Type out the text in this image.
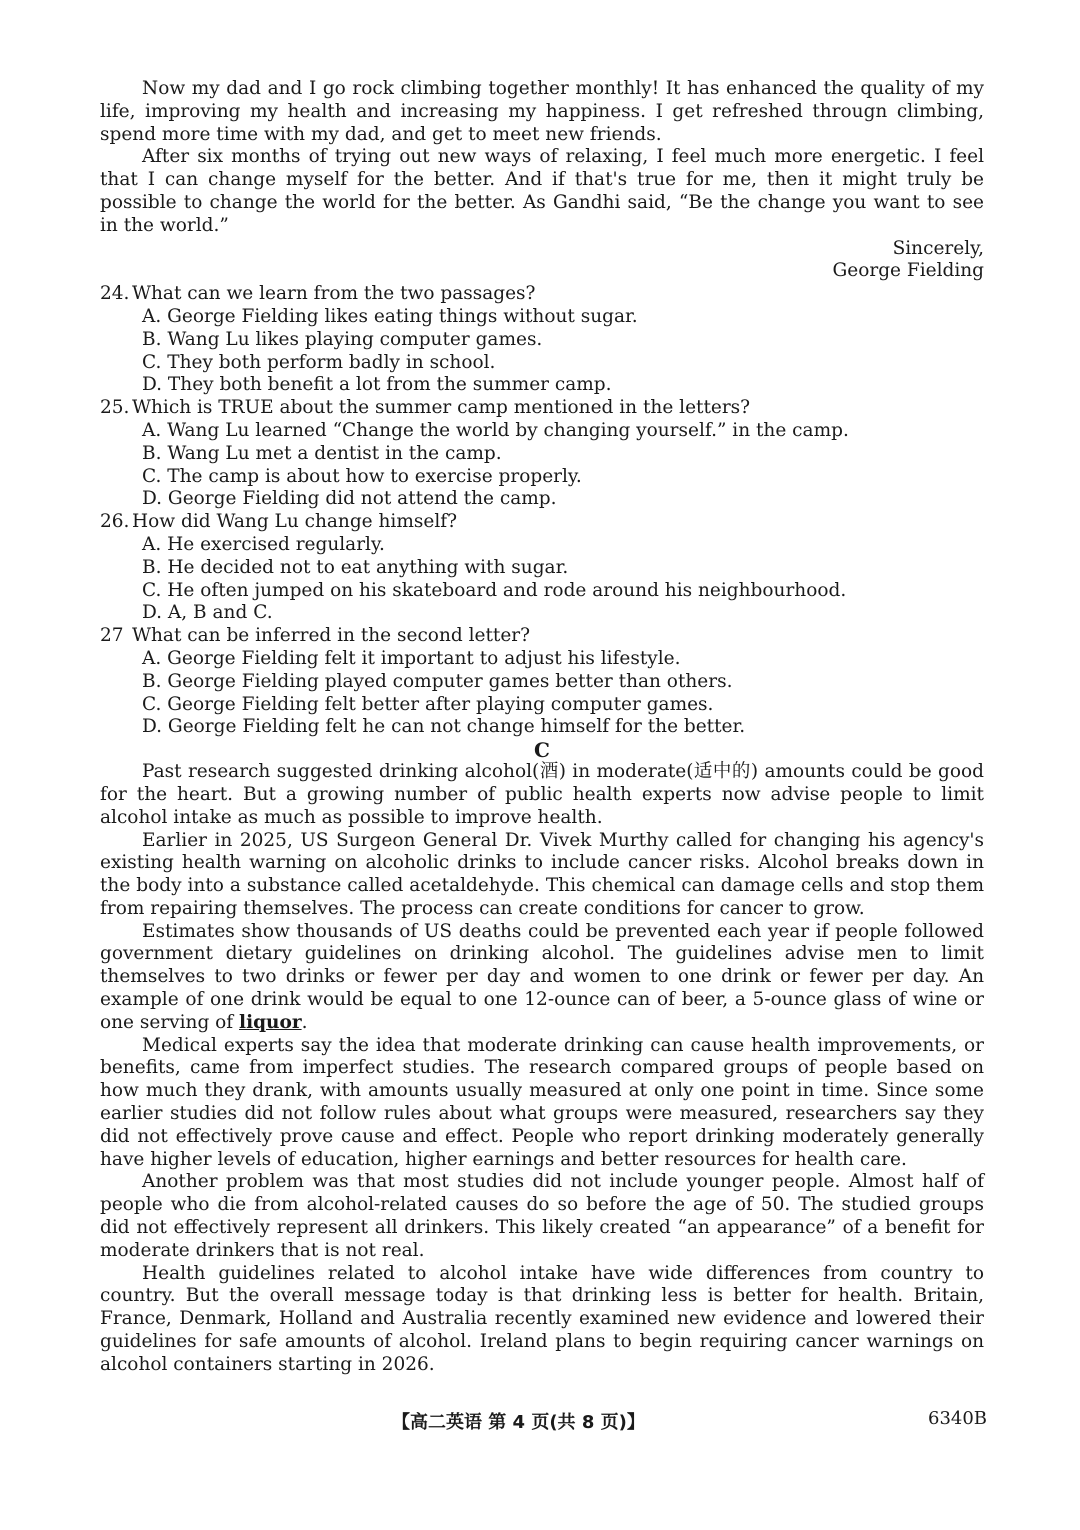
Now my dad and I go rock climbing together monthly! It has enhanced the quality of my life, improving my health and increasing my happiness. I get refreshed througn climbing, spend more time with my dad, and get to meet new friends.

After six months of trying out new ways of relaxing, I feel much more energetic. I feel that I can change myself for the better. And if that's true for me, then it might truly be possible to change the world for the better. As Gandhi said, “Be the change you want to see in the world.”

Sincerely,

George Fielding

24. What can we learn from the two passages?

A. George Fielding likes eating things without sugar.

B. Wang Lu likes playing computer games.

C. They both perform badly in school.

D. They both benefit a lot from the summer camp.

25. Which is TRUE about the summer camp mentioned in the letters?

A. Wang Lu learned “Change the world by changing yourself.” in the camp.

B. Wang Lu met a dentist in the camp.

C. The camp is about how to exercise properly.

D. George Fielding did not attend the camp.

26. How did Wang Lu change himself?

A. He exercised regularly.

B. He decided not to eat anything with sugar.

C. He often jumped on his skateboard and rode around his neighbourhood.

D. A, B and C.

27 What can be inferred in the second letter?

A. George Fielding felt it important to adjust his lifestyle.

B. George Fielding played computer games better than others.

C. George Fielding felt better after playing computer games.

D. George Fielding felt he can not change himself for the better.

C

Past research suggested drinking alcohol(酒) in moderate(适中的) amounts could be good for the heart. But a growing number of public health experts now advise people to limit alcohol intake as much as possible to improve health.

Earlier in 2025, US Surgeon General Dr. Vivek Murthy called for changing his agency's existing health warning on alcoholic drinks to include cancer risks. Alcohol breaks down in the body into a substance called acetaldehyde. This chemical can damage cells and stop them from repairing themselves. The process can create conditions for cancer to grow.

Estimates show thousands of US deaths could be prevented each year if people followed government dietary guidelines on drinking alcohol. The guidelines advise men to limit themselves to two drinks or fewer per day and women to one drink or fewer per day. An example of one drink would be equal to one 12-ounce can of beer, a 5-ounce glass of wine or one serving of liquor.

Medical experts say the idea that moderate drinking can cause health improvements, or benefits, came from imperfect studies. The research compared groups of people based on how much they drank, with amounts usually measured at only one point in time. Since some earlier studies did not follow rules about what groups were measured, researchers say they did not effectively prove cause and effect. People who report drinking moderately generally have higher levels of education, higher earnings and better resources for health care.

Another problem was that most studies did not include younger people. Almost half of people who die from alcohol-related causes do so before the age of 50. The studied groups did not effectively represent all drinkers. This likely created “an appearance” of a benefit for moderate drinkers that is not real.

Health guidelines related to alcohol intake have wide differences from country to country. But the overall message today is that drinking less is better for health. Britain, France, Denmark, Holland and Australia recently examined new evidence and lowered their guidelines for safe amounts of alcohol. Ireland plans to begin requiring cancer warnings on alcohol containers starting in 2026.

【高二英语 第 4 页(共 8 页)】	6340B
